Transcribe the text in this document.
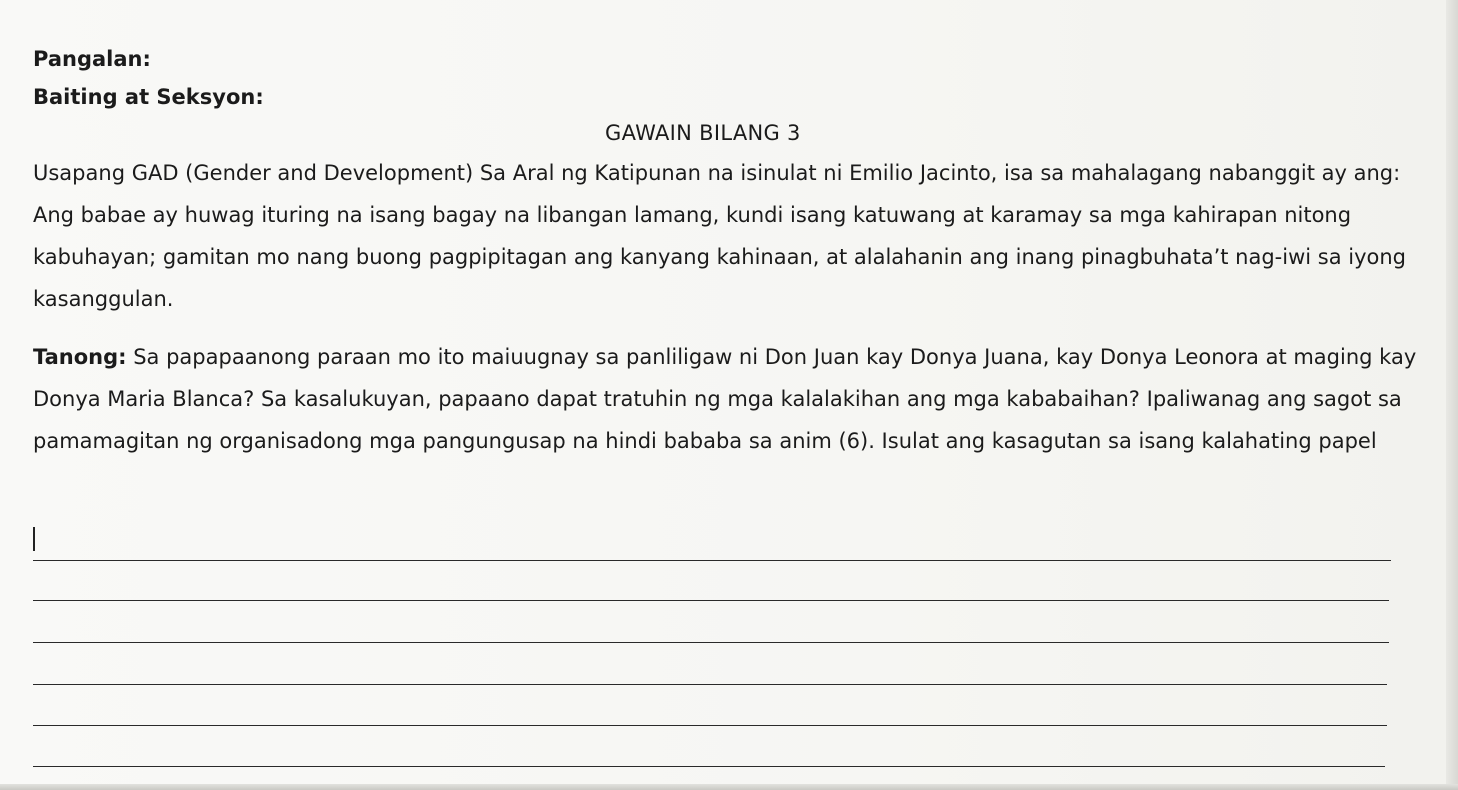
Pangalan:
Baiting at Seksyon:
GAWAIN BILANG 3

Usapang GAD (Gender and Development) Sa Aral ng Katipunan na isinulat ni Emilio Jacinto, isa sa mahalagang nabanggit ay ang: Ang babae ay huwag ituring na isang bagay na libangan lamang, kundi isang katuwang at karamay sa mga kahirapan nitong kabuhayan; gamitan mo nang buong pagpipitagan ang kanyang kahinaan, at alalahanin ang inang pinagbuhata’t nag-iwi sa iyong kasanggulan.

Tanong: Sa papapaanong paraan mo ito maiuugnay sa panliligaw ni Don Juan kay Donya Juana, kay Donya Leonora at maging kay Donya Maria Blanca? Sa kasalukuyan, papaano dapat tratuhin ng mga kalalakihan ang mga kababaihan? Ipaliwanag ang sagot sa pamamagitan ng organisadong mga pangungusap na hindi bababa sa anim (6). Isulat ang kasagutan sa isang kalahating papel
